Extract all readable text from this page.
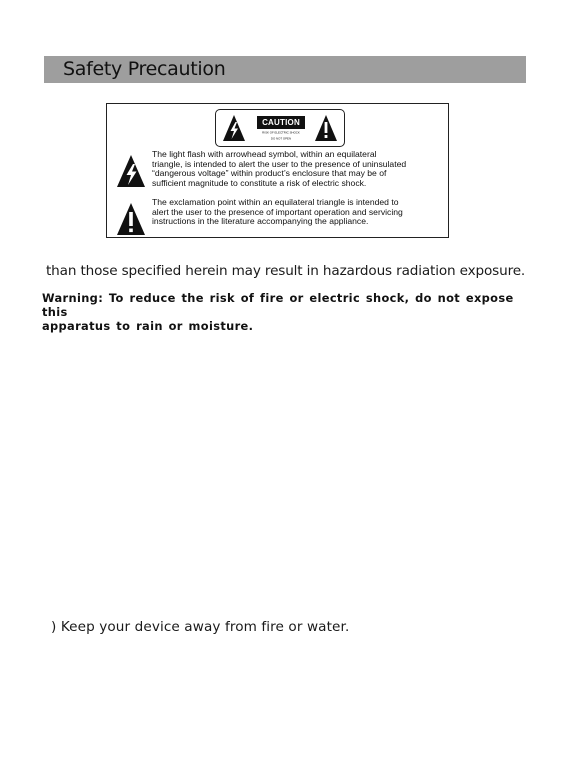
Safety Precaution
CAUTION
RISK OF ELECTRIC SHOCK
DO NOT OPEN
The light flash with arrowhead symbol, within an equilateral
triangle, is intended to alert the user to the presence of uninsulated
“dangerous voltage” within product’s enclosure that may be of
sufficient magnitude to constitute a risk of electric shock.
The exclamation point within an equilateral triangle is intended to
alert the user to the presence of important operation and servicing
instructions in the literature accompanying the appliance.
than those specified herein may result in hazardous radiation exposure.
Warning: To reduce the risk of fire or electric shock, do not expose this
apparatus to rain or moisture.
) Keep your device away from fire or water.
